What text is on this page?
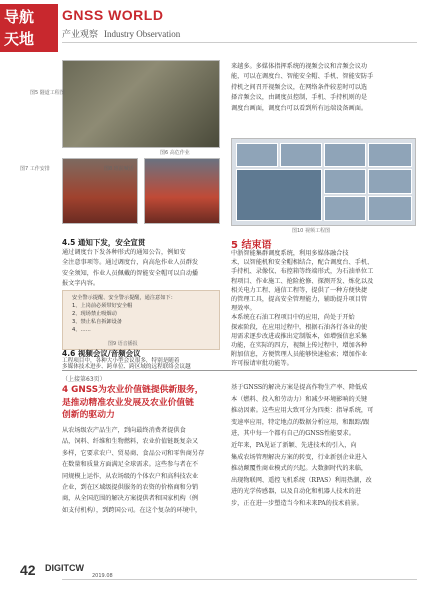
导航
天地
GNSS WORLD
产业观察 Industry Observation
图5 隧道工程图
图6 高危作业
图7 工作安排	图8 班前喊话
来越多。多媒体指挥系统的视频会议和音频会议功
能，可以在调度台、智能安全帽、手机、智能安防手
持机之间召开视频会议，在网络条件较差时可以选
择音频会议，由调度员控制，手机、手持机则的是
调度台画面，调度台可以看到所有远端设备画面。
图10 视频工程图
4.5 通知下发，安全宣贯
通过调度台下发各种形式的通知公告，例如安
全注意事项等。通过调度台，向高危作业人员群发
安全须知，作业人员佩戴的智能安全帽可以自动播
报文字内容。
安全警示提醒、安全警示提醒，通注意如下：
1、上岗前必须带好安全帽
2、现场禁止吸烟动
3、禁止私自拆卸设备
4、……
图9 语音播报
4.6 视频会议/音频会议
工程项目中，各种大小型会议很多，特别是随着
多媒体技术进步、跨单位、跨区域的远程联络会议越
5 结束语
中浙智能集群调度系统，利用多媒体融合技
术，以智能机和安全帽相结合，配合调度台、手机、
手持机、录像仪、布控箱等终端形式，为石油单位工
程项目、作业施工、抢险抢修、探测开发、炼化以及
相关电力工程、通信工程等，提供了一种方便快捷
的管理工具，提高安全管理能力，辅助提升项目管
理效率。
本系统在石油工程项目中的应用，尚处于开始
探索阶段，在应用过程中，根据石油各行各业的使
用需求逐步改进或推出定制版本，如增强信息采集
功能，在实际的四方，视频上传过程中，增加各种
附加信息，方便管理人员能够快速检索；增加作业
许可报请审批功能等。
（上接第63页）
4 GNSS为农业价值链提供新服务，
是推动精准农业发展及农业价值链
创新的驱动力
从农场级农产品生产，到向最终消费者提供食
品，饲料、纤维和生物燃料，农业价值链既复杂又
多样，它要求农户、贸易商、食品公司和零售商另存
在数量和质量方面满足全球需求。这些参与者在不
同规模上运作，从农场级的个体农户和高科技农业
企业，到在区域级提供服务的农资的价格商和分销
商，从全国范围的解决方案提供者和国家机构（例
如支付机构），到跨国公司。在这个复杂的环境中，
基于GNSS的解决方案是提高作物生产率、降低成
本（燃料、投入和劳动力）和减少环境影响的关键
推动因素。这些应用大致可分为四类：指导系统，可
变速率应用，特定地点的数据分析应用，和跟踪/跟
进，其中每一个都有自己的GNSS性能要求。
近年来，PA见证了新颖、先进技术的引入，向
集成农场管理解决方案的转变，行业新创企业进入
推动颠覆性商业模式的兴起。大数据时代的来临，
出现物联网、遥控飞机系统（RPAS）利用热潮，改
进的光学传感器，以及自动化和机器人技术的进
步，正在进一步塑造当今和未来PA的技术前景。
42 DIGITCW
2019.08
